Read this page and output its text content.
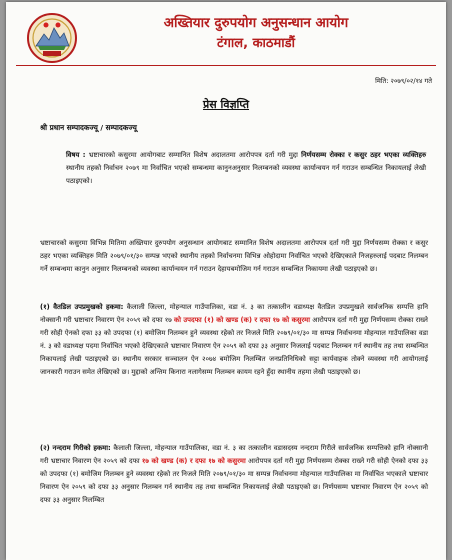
अख्तियार दुरुपयोग अनुसन्धान आयोग
टंगाल, काठमाडौं
मिति: २०७९/०२/१४ गते
प्रेस विज्ञप्ति
श्री प्रधान सम्पादकज्यू / सम्पादकज्यू
विषय : भ्रष्टाचारको कसुरमा आयोगबाट सम्मानित विशेष अदालतमा आरोपपत्र दर्ता गरी मुद्दा निर्णयसम्म रोक्का र कसुर ठहर भएका व्यक्तिहरु स्थानीय तहको निर्वाचन २०७९ मा निर्वाचित भएको सम्बन्धमा कानुनअनुसार निलम्बनको व्यवस्था कार्यान्वयन गर्न गराउन सम्बन्धित निकायलाई लेखी पठाइएको।
भ्रष्टाचारको कसुरमा विभिन्न मितिमा अख्तियार दुरुपयोग अनुसन्धान आयोगबाट सम्मानित विशेष अदालतमा आरोपपत्र दर्ता गरी मुद्दा निर्णयसम्म रोक्का र कसुर ठहर भएका व्यक्तिहरु मिति २०७९/०१/३० सम्पन्न भएको स्थानीय तहको निर्वाचनमा विभिन्न ओहोदामा निर्वाचित भएको देखिएकाले निजहरुलाई पदबाट निलम्बन गर्ने सम्बन्धमा कानुन अनुसार निलम्बनको व्यवस्था कार्यान्वयन गर्न गराउन देहायबमोजिम गर्न गराउन सम्बन्धित निकायमा लेखी पठाइएको छ।
(१) वैतडिल उपप्रमुखको हकमा: कैलाली जिल्ला, मोहन्याल गाउँपालिका, वडा नं. ३ का तत्कालीन वडाध्यक्ष वैतडिल उपप्रमुखले सार्वजनिक सम्पत्ति हानि नोक्सानी गरी भ्रष्टाचार निवारण ऐन २०५९ को दफा १७ को उपदफा (१) को खण्ड (क) र दफा १७ को कसुरमा आरोपपत्र दर्ता गरी मुद्दा निर्णयसम्म रोक्का राख्ने गरी सोही ऐनको दफा ३३ को उपदफा (१) बमोजिम निलम्बन हुने व्यवस्था रहेको तर निजले मिति २०७९/०१/३० मा सम्पन्न निर्वाचनमा मोहन्याल गाउँपालिका वडा नं. ३ को वडाध्यक्ष पदमा निर्वाचित भएको देखिएकाले भ्रष्टाचार निवारण ऐन २०५९ को दफा ३३ अनुसार निजलाई पदबाट निलम्बन गर्न स्थानीय तह तथा सम्बन्धित निकायलाई लेखी पठाइएको छ। स्थानीय सरकार सञ्चालन ऐन २०७४ बमोजिम निलम्बित जनप्रतिनिधिको सट्टा कार्यवाहक तोक्ने व्यवस्था गरी आयोगलाई जानकारी गराउन समेत लेखिएको छ। मुद्दाको अन्तिम किनारा नलागेसम्म निलम्बन कायम रहने हुँदा स्थानीय तहमा लेखी पठाइएको छ।
(२) नन्दराम गिरीको हकमा: कैलाली जिल्ला, मोहन्याल गाउँपालिका, वडा नं. ३ का तत्कालीन वडासदस्य नन्दराम गिरीले सार्वजनिक सम्पत्तिको हानि नोक्सानी गरी भ्रष्टाचार निवारण ऐन २०५९ को दफा १७ को खण्ड (क) र दफा १७ को कसुरमा आरोपपत्र दर्ता गरी मुद्दा निर्णयसम्म रोक्का राख्ने गरी सोही ऐनको दफा ३३ को उपदफा (१) बमोजिम निलम्बन हुने व्यवस्था रहेको तर निजले मिति २०७९/०१/३० मा सम्पन्न निर्वाचनमा मोहन्याल गाउँपालिका मा निर्वाचित भएकाले भ्रष्टाचार निवारण ऐन २०५९ को दफा ३३ अनुसार निलम्बन गर्न स्थानीय तह तथा सम्बन्धित निकायलाई लेखी पठाइएको छ। निर्णयसम्म भ्रष्टाचार निवारण ऐन २०५९ को दफा ३३ अनुसार निलम्बित
